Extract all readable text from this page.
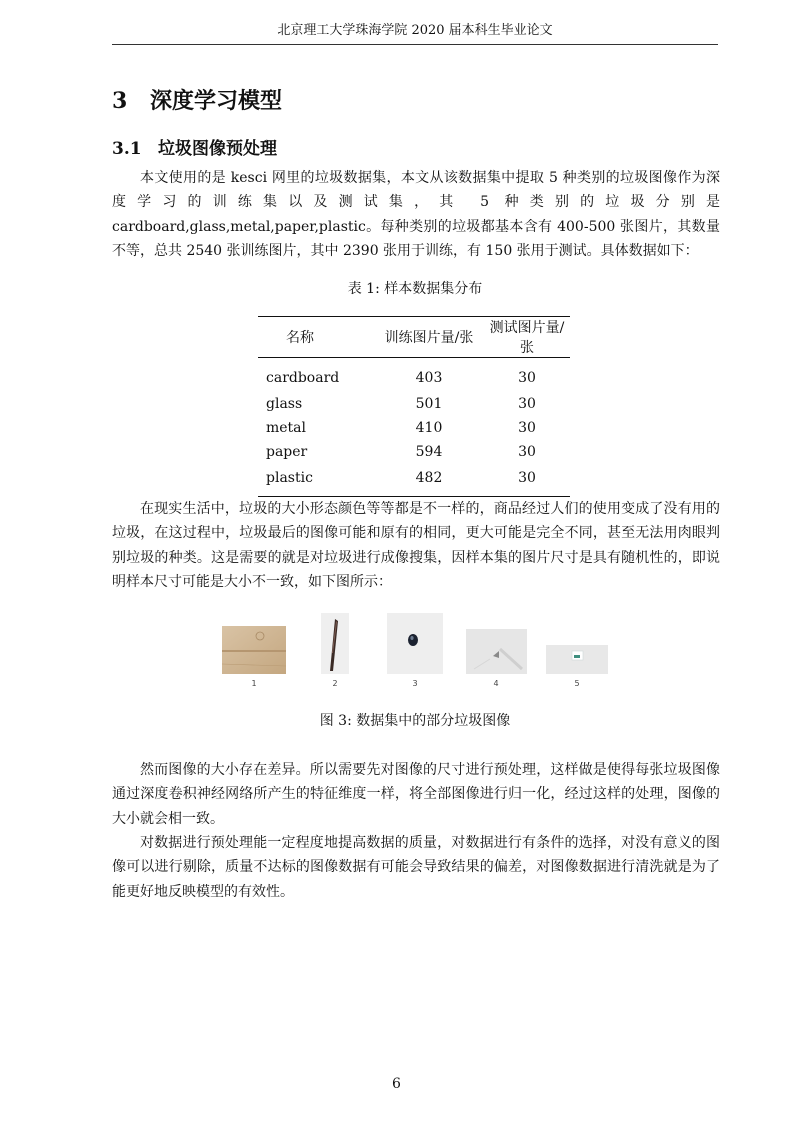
北京理工大学珠海学院 2020 届本科生毕业论文
3 深度学习模型
3.1 垃圾图像预处理

本文使用的是 kesci 网里的垃圾数据集，本文从该数据集中提取 5 种类别的垃圾图像作为深度学习的训练集以及测试集，其 5 种类别的垃圾分别是 cardboard,glass,metal,paper,plastic。每种类别的垃圾都基本含有 400-500 张图片，其数量不等，总共 2540 张训练图片，其中 2390 张用于训练，有 150 张用于测试。具体数据如下：

表 1: 样本数据集分布
名称	训练图片量/张	测试图片量/张
cardboard	403	30
glass	501	30
metal	410	30
paper	594	30
plastic	482	30

在现实生活中，垃圾的大小形态颜色等等都是不一样的，商品经过人们的使用变成了没有用的垃圾，在这过程中，垃圾最后的图像可能和原有的相同，更大可能是完全不同，甚至无法用肉眼判别垃圾的种类。这是需要的就是对垃圾进行成像搜集，因样本集的图片尺寸是具有随机性的，即说明样本尺寸可能是大小不一致，如下图所示：

1	2	3	4	5
图 3: 数据集中的部分垃圾图像

然而图像的大小存在差异。所以需要先对图像的尺寸进行预处理，这样做是使得每张垃圾图像通过深度卷积神经网络所产生的特征维度一样，将全部图像进行归一化，经过这样的处理，图像的大小就会相一致。

对数据进行预处理能一定程度地提高数据的质量，对数据进行有条件的选择，对没有意义的图像可以进行剔除，质量不达标的图像数据有可能会导致结果的偏差，对图像数据进行清洗就是为了能更好地反映模型的有效性。

6
